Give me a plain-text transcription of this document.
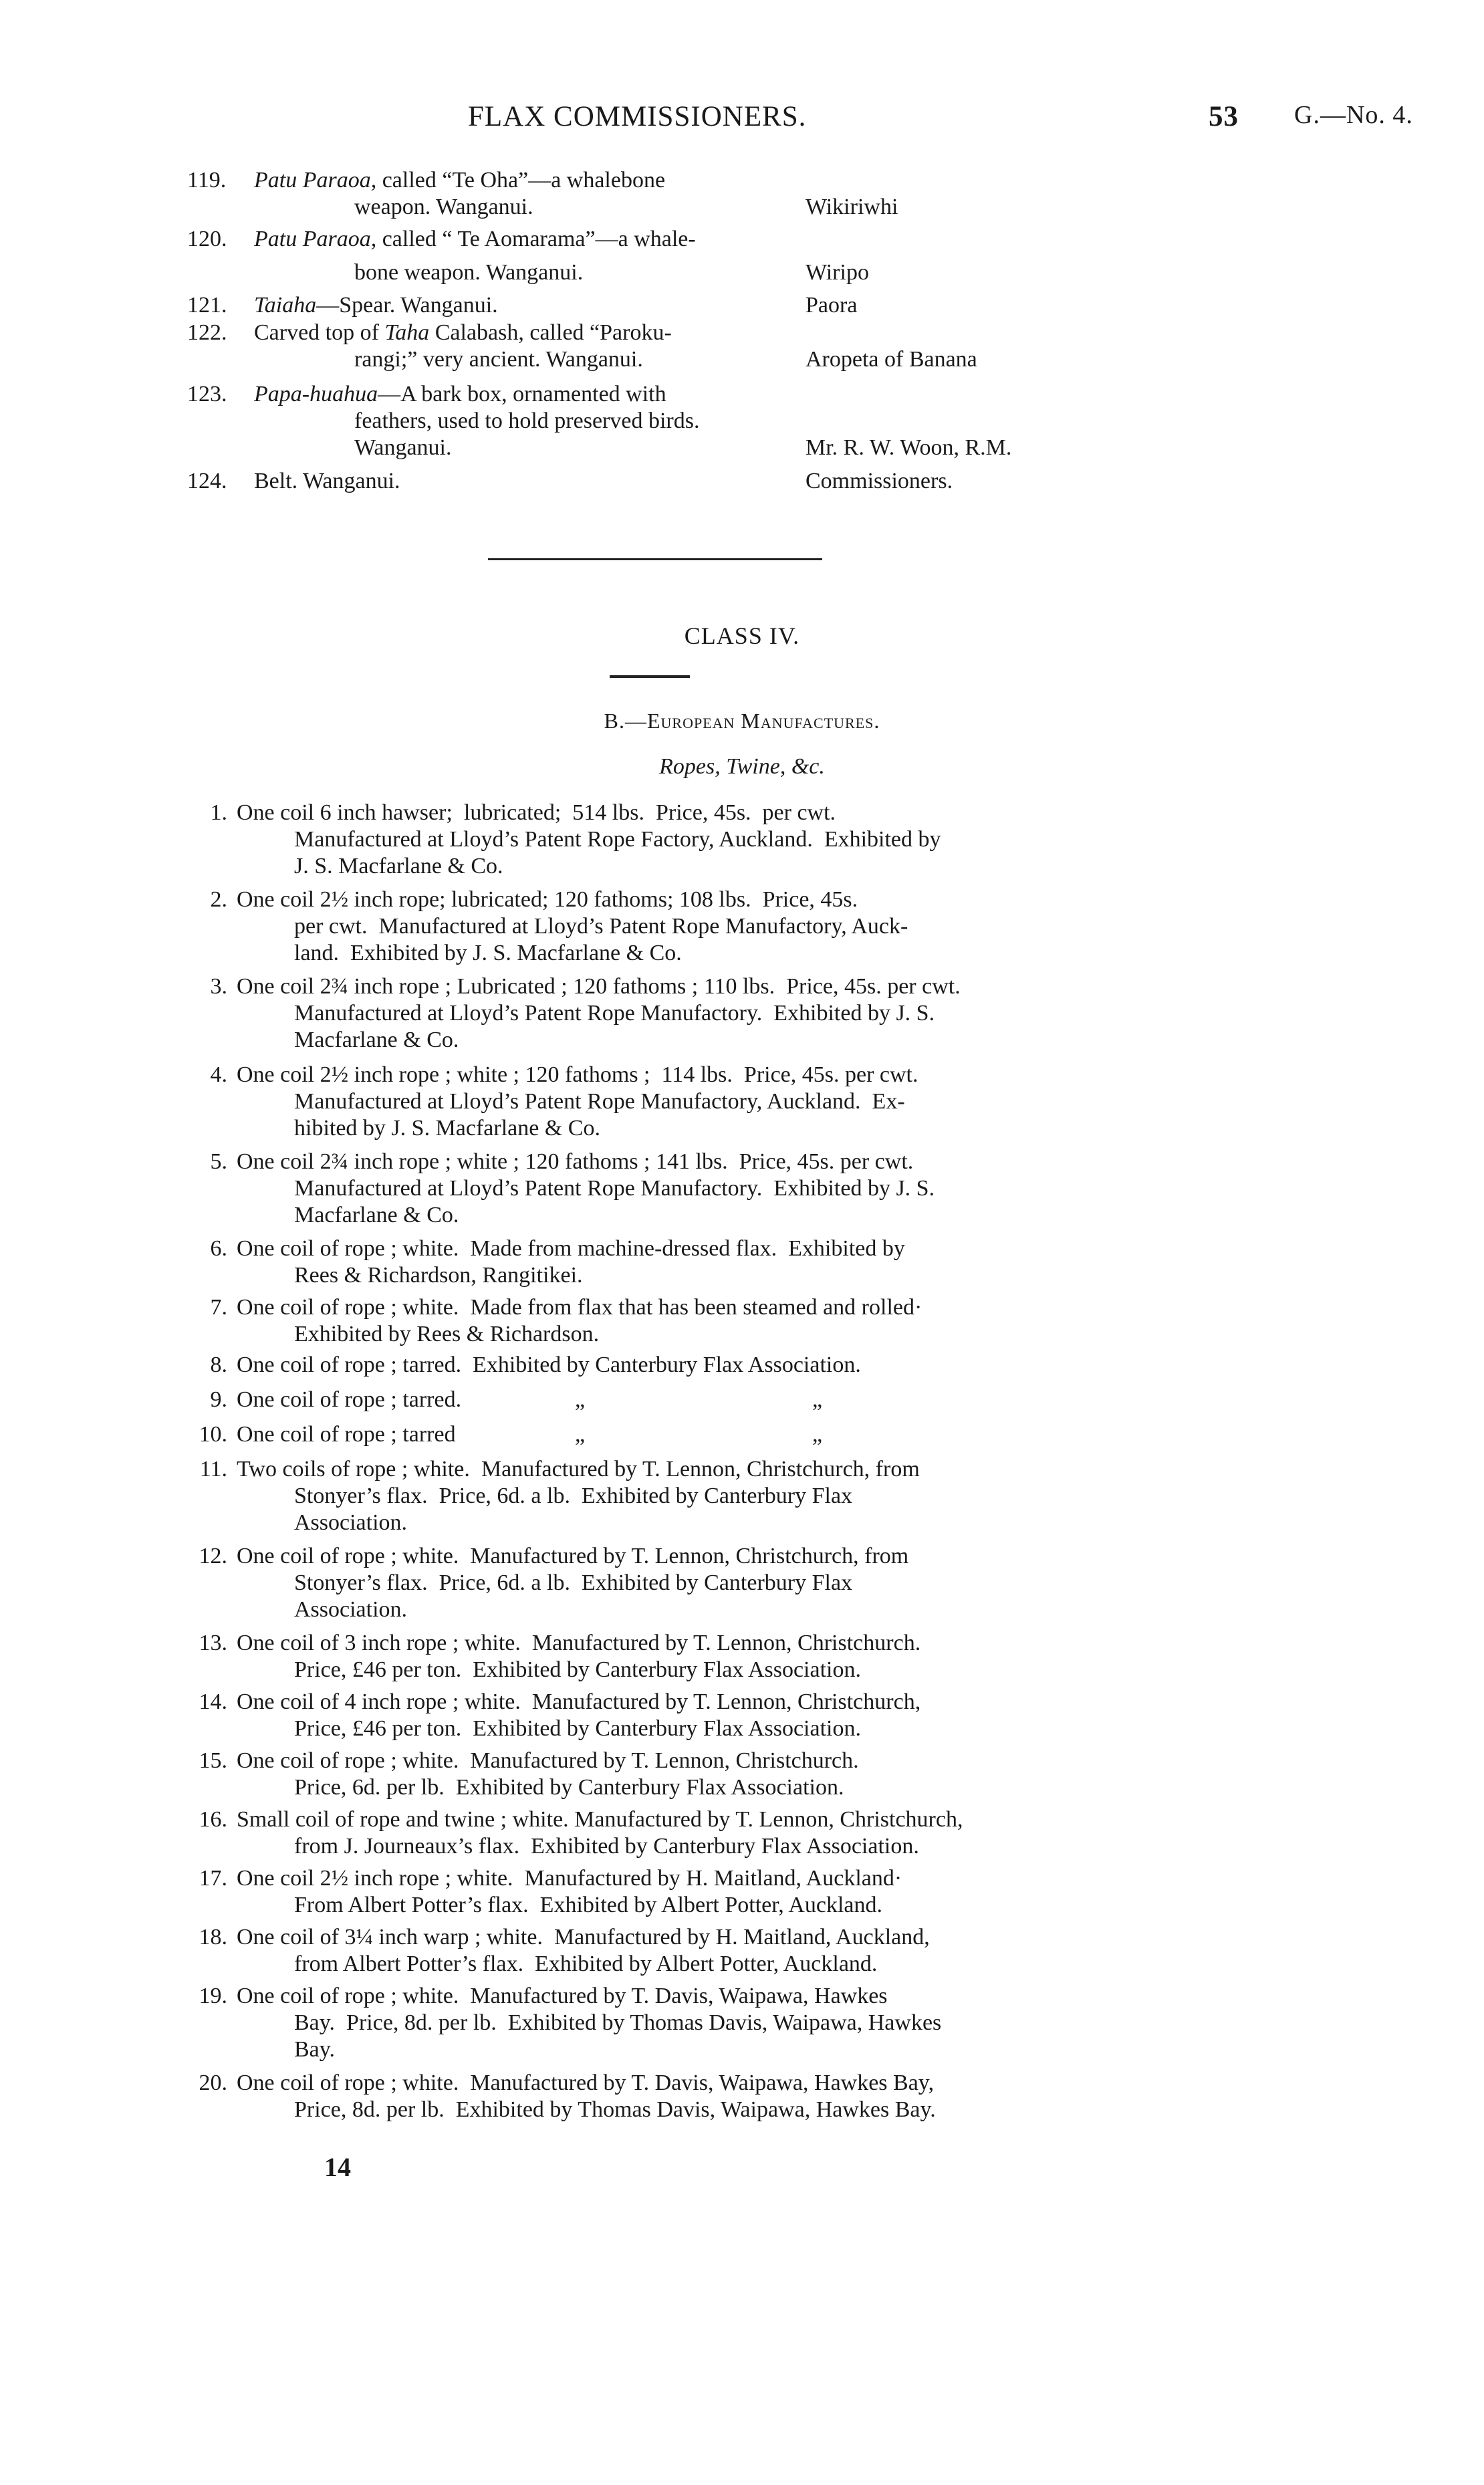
FLAX COMMISSIONERS.	53 G.—No. 4.
119. Patu Paraoa, called “Te Oha”—a whalebone
weapon. Wanganui.	Wikiriwhi
120. Patu Paraoa, called “ Te Aomarama”—a whale-
bone weapon. Wanganui.	Wiripo
121. Taiaha—Spear. Wanganui.	Paora
122. Carved top of Taha Calabash, called “Paroku-
rangi;” very ancient. Wanganui.	Aropeta of Banana
123. Papa-huahua—A bark box, ornamented with
feathers, used to hold preserved birds.
Wanganui.	Mr. R. W. Woon, R.M.
124. Belt. Wanganui.	Commissioners.
CLASS IV.
B.—European Manufactures.
Ropes, Twine, &c.
1. One coil 6 inch hawser;  lubricated;  514 lbs.  Price, 45s.  per cwt.
Manufactured at Lloyd’s Patent Rope Factory, Auckland.  Exhibited by
J. S. Macfarlane & Co.
2. One coil 2½ inch rope; lubricated; 120 fathoms; 108 lbs.  Price, 45s.
per cwt.  Manufactured at Lloyd’s Patent Rope Manufactory, Auck-
land.  Exhibited by J. S. Macfarlane & Co.
3. One coil 2¾ inch rope ; Lubricated ; 120 fathoms ; 110 lbs.  Price, 45s. per cwt.
Manufactured at Lloyd’s Patent Rope Manufactory.  Exhibited by J. S.
Macfarlane & Co.
4. One coil 2½ inch rope ; white ; 120 fathoms ;  114 lbs.  Price, 45s. per cwt.
Manufactured at Lloyd’s Patent Rope Manufactory, Auckland.  Ex-
hibited by J. S. Macfarlane & Co.
5. One coil 2¾ inch rope ; white ; 120 fathoms ; 141 lbs.  Price, 45s. per cwt.
Manufactured at Lloyd’s Patent Rope Manufactory.  Exhibited by J. S.
Macfarlane & Co.
6. One coil of rope ; white.  Made from machine-dressed flax.  Exhibited by
Rees & Richardson, Rangitikei.
7. One coil of rope ; white.  Made from flax that has been steamed and rolled·
Exhibited by Rees & Richardson.
8. One coil of rope ; tarred.  Exhibited by Canterbury Flax Association.
9. One coil of rope ; tarred.	„	„
10. One coil of rope ; tarred	„	„
11. Two coils of rope ; white.  Manufactured by T. Lennon, Christchurch, from
Stonyer’s flax.  Price, 6d. a lb.  Exhibited by Canterbury Flax
Association.
12. One coil of rope ; white.  Manufactured by T. Lennon, Christchurch, from
Stonyer’s flax.  Price, 6d. a lb.  Exhibited by Canterbury Flax
Association.
13. One coil of 3 inch rope ; white.  Manufactured by T. Lennon, Christchurch.
Price, £46 per ton.  Exhibited by Canterbury Flax Association.
14. One coil of 4 inch rope ; white.  Manufactured by T. Lennon, Christchurch,
Price, £46 per ton.  Exhibited by Canterbury Flax Association.
15. One coil of rope ; white.  Manufactured by T. Lennon, Christchurch.
Price, 6d. per lb.  Exhibited by Canterbury Flax Association.
16. Small coil of rope and twine ; white. Manufactured by T. Lennon, Christchurch,
from J. Journeaux’s flax.  Exhibited by Canterbury Flax Association.
17. One coil 2½ inch rope ; white.  Manufactured by H. Maitland, Auckland·
From Albert Potter’s flax.  Exhibited by Albert Potter, Auckland.
18. One coil of 3¼ inch warp ; white.  Manufactured by H. Maitland, Auckland,
from Albert Potter’s flax.  Exhibited by Albert Potter, Auckland.
19. One coil of rope ; white.  Manufactured by T. Davis, Waipawa, Hawkes
Bay.  Price, 8d. per lb.  Exhibited by Thomas Davis, Waipawa, Hawkes
Bay.
20. One coil of rope ; white.  Manufactured by T. Davis, Waipawa, Hawkes Bay,
Price, 8d. per lb.  Exhibited by Thomas Davis, Waipawa, Hawkes Bay.
14
